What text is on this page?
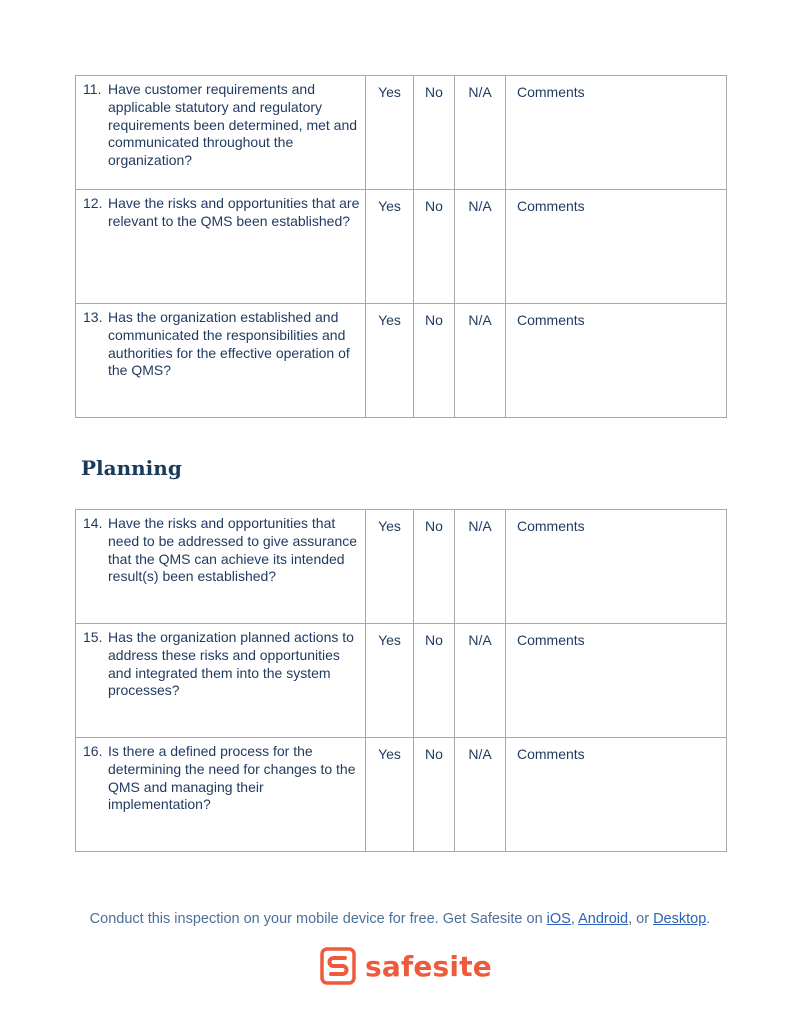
11. Have customer requirements and applicable statutory and regulatory requirements been determined, met and communicated throughout the organization?	Yes	No	N/A	Comments

12. Have the risks and opportunities that are relevant to the QMS been established?	Yes	No	N/A	Comments

13. Has the organization established and communicated the responsibilities and authorities for the effective operation of the QMS?	Yes	No	N/A	Comments
Planning
14. Have the risks and opportunities that need to be addressed to give assurance that the QMS can achieve its intended result(s) been established?	Yes	No	N/A	Comments

15. Has the organization planned actions to address these risks and opportunities and integrated them into the system processes?	Yes	No	N/A	Comments

16. Is there a defined process for the determining the need for changes to the QMS and managing their implementation?	Yes	No	N/A	Comments
Conduct this inspection on your mobile device for free. Get Safesite on iOS, Android, or Desktop.
safesite
